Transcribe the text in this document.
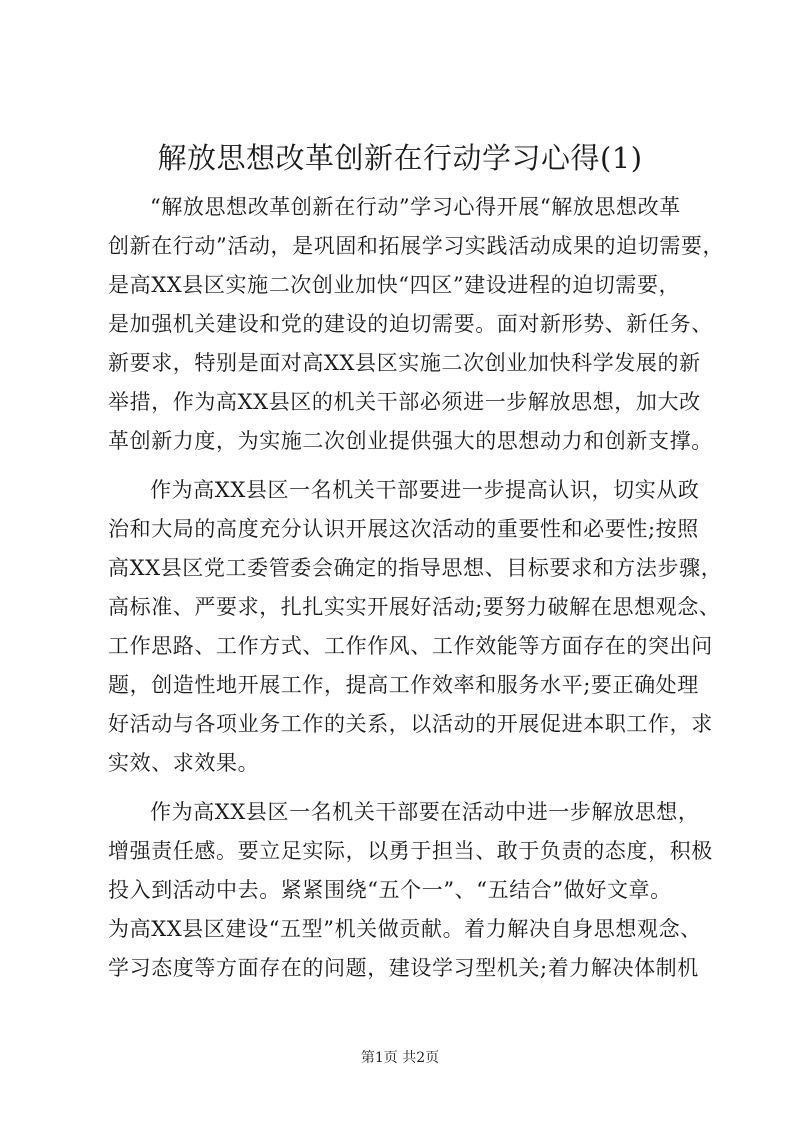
解放思想改革创新在行动学习心得(1)

“解放思想改革创新在行动”学习心得开展“解放思想改革

创新在行动”活动，是巩固和拓展学习实践活动成果的迫切需要，

是高XX县区实施二次创业加快“四区”建设进程的迫切需要，

是加强机关建设和党的建设的迫切需要。面对新形势、新任务、

新要求，特别是面对高XX县区实施二次创业加快科学发展的新

举措，作为高XX县区的机关干部必须进一步解放思想，加大改

革创新力度，为实施二次创业提供强大的思想动力和创新支撑。

作为高XX县区一名机关干部要进一步提高认识，切实从政

治和大局的高度充分认识开展这次活动的重要性和必要性;按照

高XX县区党工委管委会确定的指导思想、目标要求和方法步骤，

高标准、严要求，扎扎实实开展好活动;要努力破解在思想观念、

工作思路、工作方式、工作作风、工作效能等方面存在的突出问

题，创造性地开展工作，提高工作效率和服务水平;要正确处理

好活动与各项业务工作的关系，以活动的开展促进本职工作，求

实效、求效果。

作为高XX县区一名机关干部要在活动中进一步解放思想，

增强责任感。要立足实际，以勇于担当、敢于负责的态度，积极

投入到活动中去。紧紧围绕“五个一”、“五结合”做好文章。

为高XX县区建设“五型”机关做贡献。着力解决自身思想观念、

学习态度等方面存在的问题，建设学习型机关;着力解决体制机

第1页 共2页
